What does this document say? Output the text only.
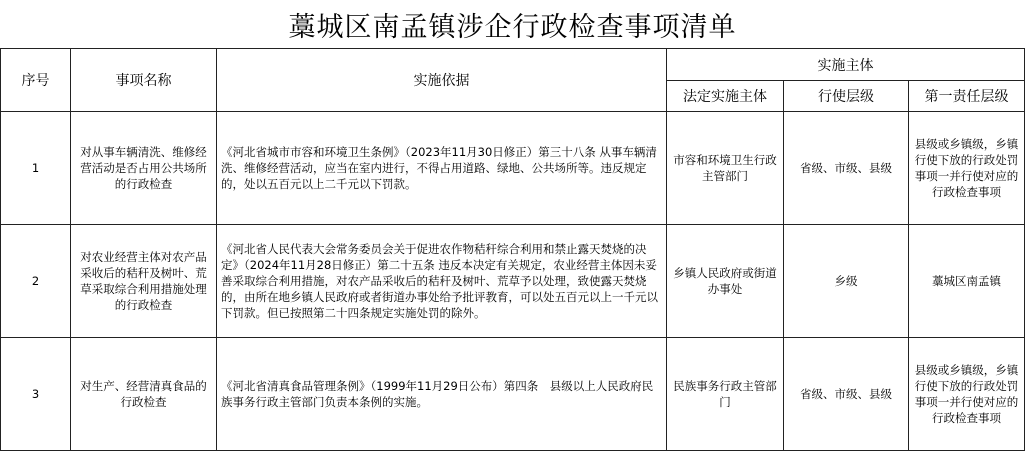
藁城区南孟镇涉企行政检查事项清单
序号	事项名称	实施依据	实施主体		
			法定实施主体	行使层级	第一责任层级
1	对从事车辆清洗、维修经营活动是否占用公共场所的行政检查	《河北省城市市容和环境卫生条例》（2023年11月30日修正）第三十八条 从事车辆清洗、维修经营活动，应当在室内进行，不得占用道路、绿地、公共场所等。违反规定的，处以五百元以上二千元以下罚款。	市容和环境卫生行政主管部门	省级、市级、县级	县级或乡镇级，乡镇行使下放的行政处罚事项一并行使对应的行政检查事项
2	对农业经营主体对农产品采收后的秸秆及树叶、荒草采取综合利用措施处理的行政检查	《河北省人民代表大会常务委员会关于促进农作物秸秆综合利用和禁止露天焚烧的决定》（2024年11月28日修正）第二十五条 违反本决定有关规定，农业经营主体因未妥善采取综合利用措施，对农产品采收后的秸秆及树叶、荒草予以处理，致使露天焚烧的，由所在地乡镇人民政府或者街道办事处给予批评教育，可以处五百元以上一千元以下罚款。但已按照第二十四条规定实施处罚的除外。	乡镇人民政府或街道办事处	乡级	藁城区南孟镇
3	对生产、经营清真食品的行政检查	《河北省清真食品管理条例》（1999年11月29日公布）第四条　县级以上人民政府民族事务行政主管部门负责本条例的实施。	民族事务行政主管部门	省级、市级、县级	县级或乡镇级，乡镇行使下放的行政处罚事项一并行使对应的行政检查事项
